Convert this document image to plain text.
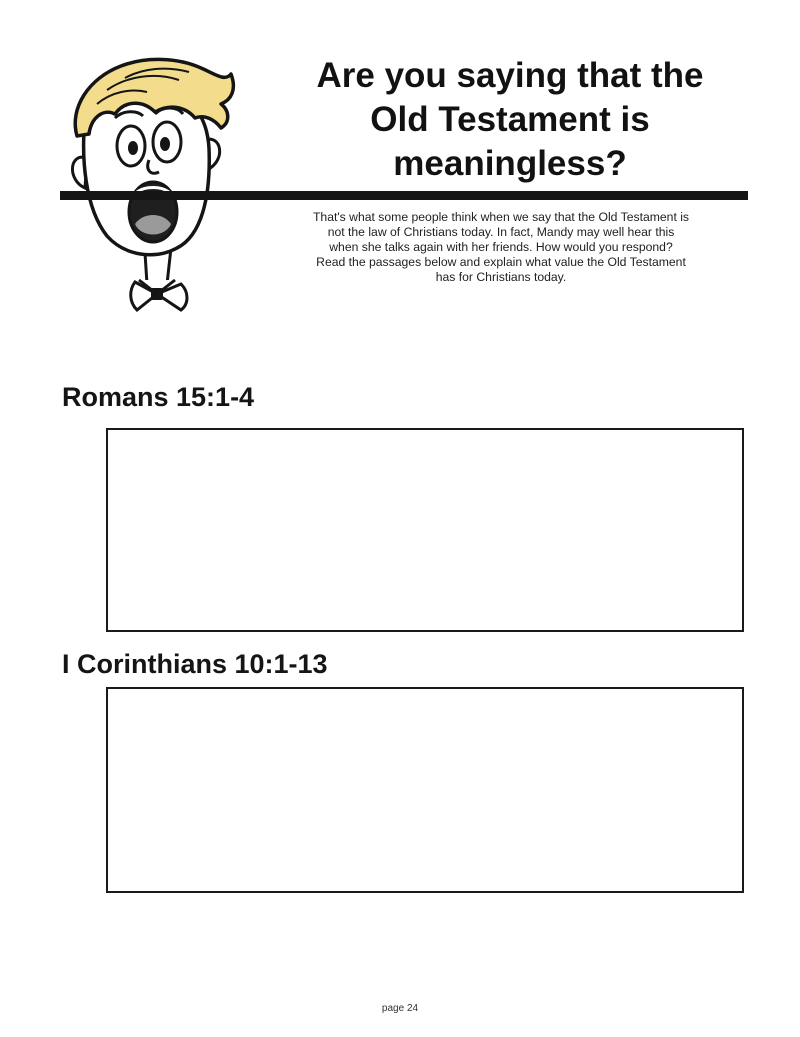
Are you saying that the
Old Testament is
meaningless?

That's what some people think when we say that the Old Testament is
not the law of Christians today. In fact, Mandy may well hear this
when she talks again with her friends. How would you respond?
Read the passages below and explain what value the Old Testament
has for Christians today.

Romans 15:1-4
I Corinthians 10:1-13
page 24
